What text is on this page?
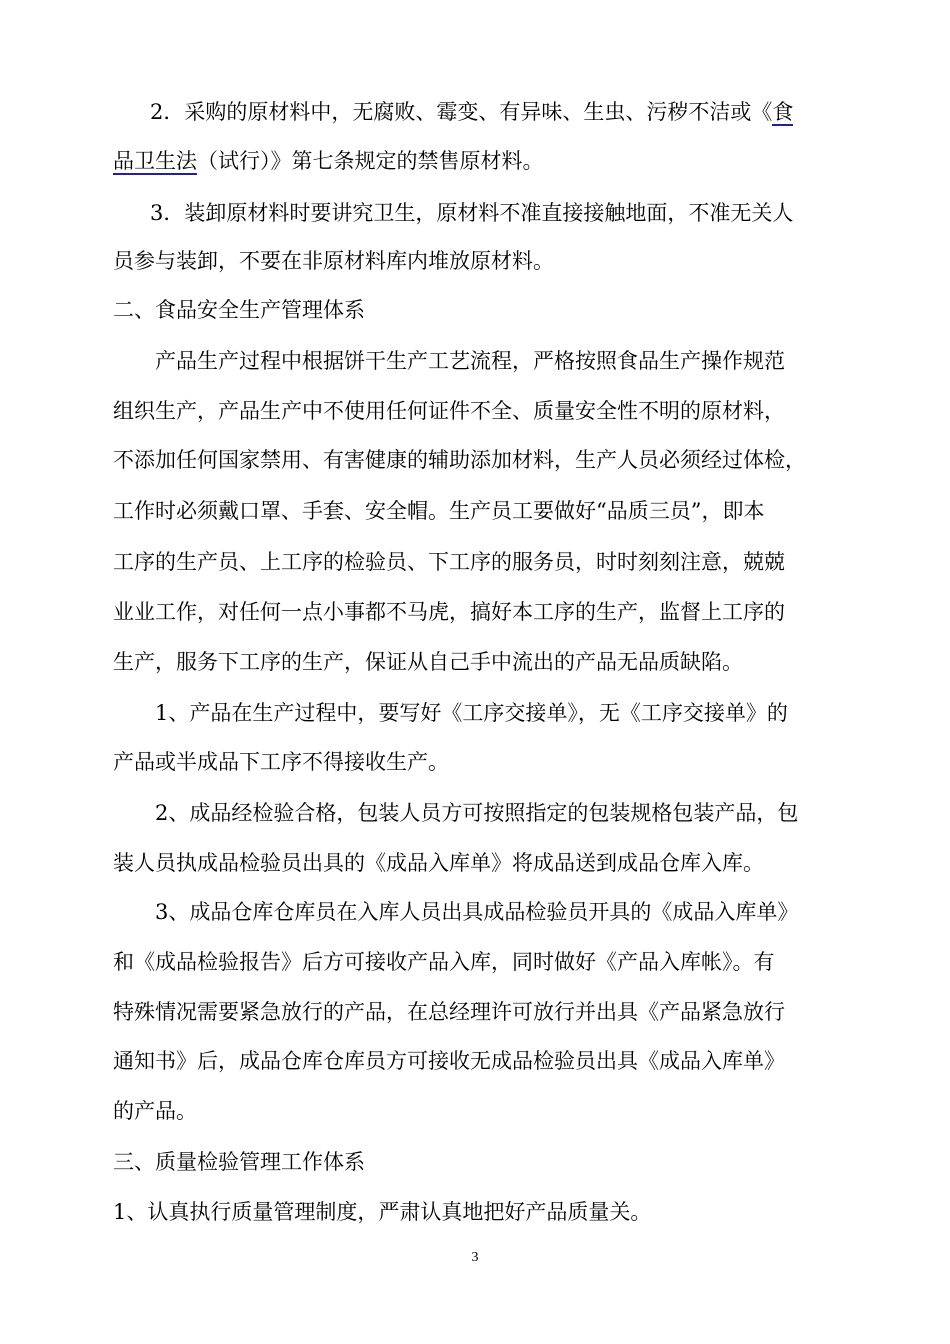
2．采购的原材料中，无腐败、霉变、有异味、生虫、污秽不洁或《食
品卫生法（试行）》第七条规定的禁售原材料。
3．装卸原材料时要讲究卫生，原材料不准直接接触地面，不准无关人
员参与装卸，不要在非原材料库内堆放原材料。
二、食品安全生产管理体系
产品生产过程中根据饼干生产工艺流程，严格按照食品生产操作规范
组织生产，产品生产中不使用任何证件不全、质量安全性不明的原材料，
不添加任何国家禁用、有害健康的辅助添加材料，生产人员必须经过体检，
工作时必须戴口罩、手套、安全帽。生产员工要做好“品质三员”，即本
工序的生产员、上工序的检验员、下工序的服务员，时时刻刻注意，兢兢
业业工作，对任何一点小事都不马虎，搞好本工序的生产，监督上工序的
生产，服务下工序的生产，保证从自己手中流出的产品无品质缺陷。
1、产品在生产过程中，要写好《工序交接单》，无《工序交接单》的
产品或半成品下工序不得接收生产。
2、成品经检验合格，包装人员方可按照指定的包装规格包装产品，包
装人员执成品检验员出具的《成品入库单》将成品送到成品仓库入库。
3、成品仓库仓库员在入库人员出具成品检验员开具的《成品入库单》
和《成品检验报告》后方可接收产品入库，同时做好《产品入库帐》。有
特殊情况需要紧急放行的产品，在总经理许可放行并出具《产品紧急放行
通知书》后，成品仓库仓库员方可接收无成品检验员出具《成品入库单》
的产品。
三、质量检验管理工作体系
1、认真执行质量管理制度，严肃认真地把好产品质量关。
3
